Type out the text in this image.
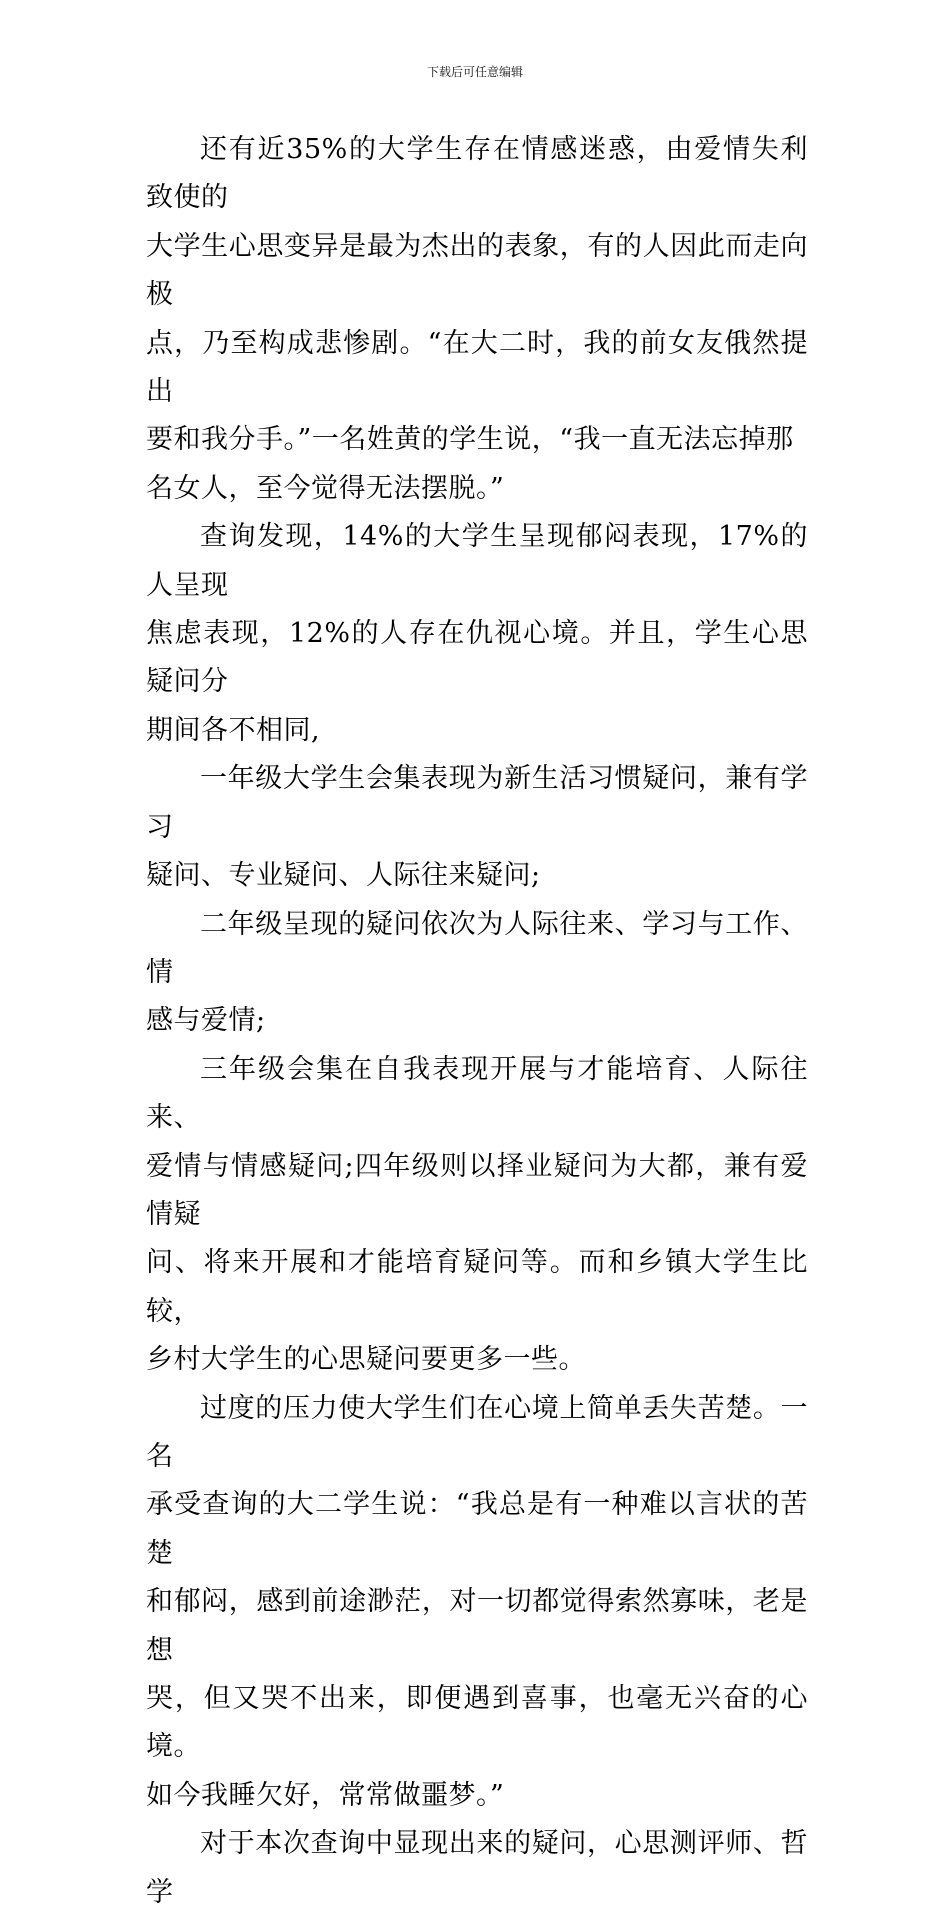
下载后可任意编辑

还有近35%的大学生存在情感迷惑，由爱情失利致使的
大学生心思变异是最为杰出的表象，有的人因此而走向极
点，乃至构成悲惨剧。“在大二时，我的前女友俄然提出
要和我分手。”一名姓黄的学生说，“我一直无法忘掉那
名女人，至今觉得无法摆脱。”

查询发现，14%的大学生呈现郁闷表现，17%的人呈现
焦虑表现，12%的人存在仇视心境。并且，学生心思疑问分
期间各不相同,

一年级大学生会集表现为新生活习惯疑问，兼有学习
疑问、专业疑问、人际往来疑问;

二年级呈现的疑问依次为人际往来、学习与工作、情
感与爱情;

三年级会集在自我表现开展与才能培育、人际往来、
爱情与情感疑问;四年级则以择业疑问为大都，兼有爱情疑
问、将来开展和才能培育疑问等。而和乡镇大学生比较，
乡村大学生的心思疑问要更多一些。

过度的压力使大学生们在心境上简单丢失苦楚。一名
承受查询的大二学生说：“我总是有一种难以言状的苦楚
和郁闷，感到前途渺茫，对一切都觉得索然寡味，老是想
哭，但又哭不出来，即便遇到喜事，也毫无兴奋的心境。
如今我睡欠好，常常做噩梦。”

对于本次查询中显现出来的疑问，心思测评师、哲学
